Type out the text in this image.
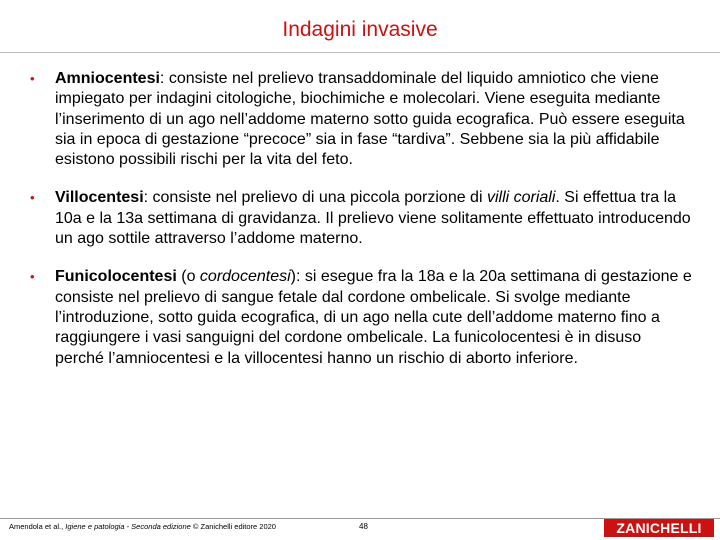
Indagini invasive
• Amniocentesi: consiste nel prelievo transaddominale del liquido amniotico che viene impiegato per indagini citologiche, biochimiche e molecolari. Viene eseguita mediante l’inserimento di un ago nell’addome materno sotto guida ecografica. Può essere eseguita sia in epoca di gestazione “precoce” sia in fase “tardiva”. Sebbene sia la più affidabile esistono possibili rischi per la vita del feto.
• Villocentesi: consiste nel prelievo di una piccola porzione di villi coriali. Si effettua tra la 10a e la 13a settimana di gravidanza. Il prelievo viene solitamente effettuato introducendo un ago sottile attraverso l’addome materno.
• Funicolocentesi (o cordocentesi): si esegue fra la 18a e la 20a settimana di gestazione e consiste nel prelievo di sangue fetale dal cordone ombelicale. Si svolge mediante l’introduzione, sotto guida ecografica, di un ago nella cute dell’addome materno fino a raggiungere i vasi sanguigni del cordone ombelicale. La funicolocentesi è in disuso perché l’amniocentesi e la villocentesi hanno un rischio di aborto inferiore.
Amendola et al., Igiene e patologia - Seconda edizione © Zanichelli editore 2020	48	ZANICHELLI
